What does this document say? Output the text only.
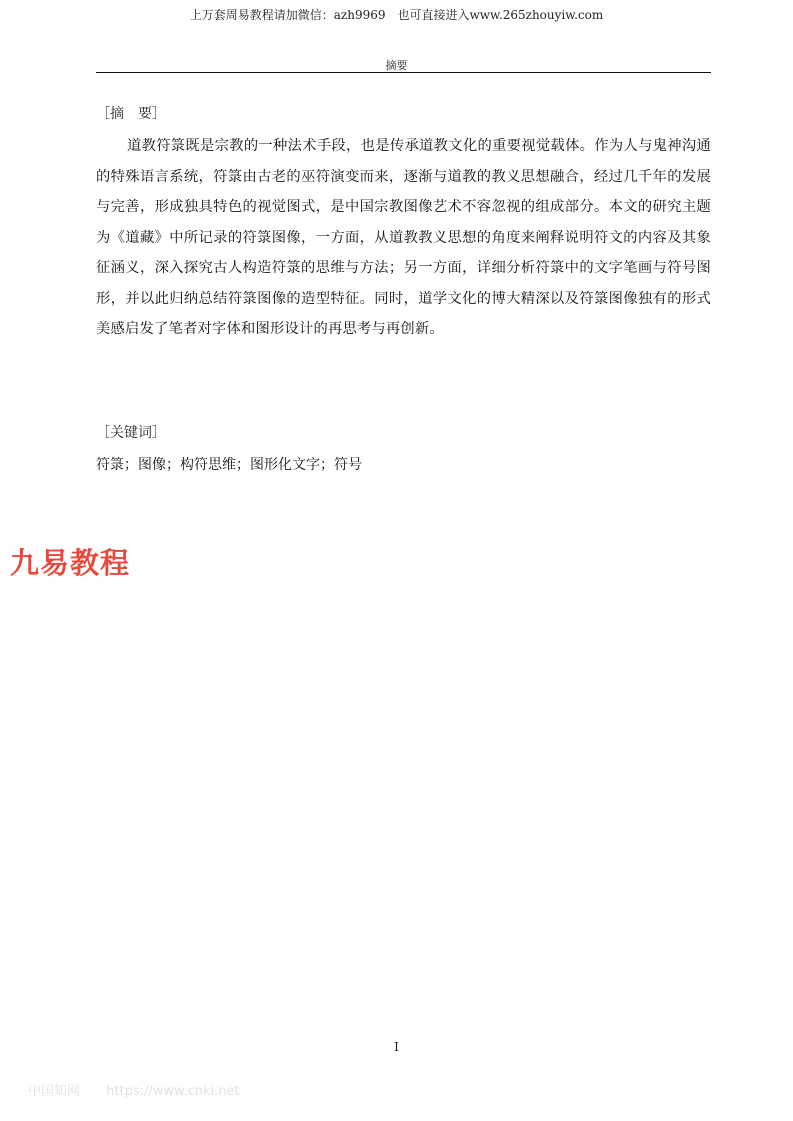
上万套周易教程请加微信：azh9969　也可直接进入www.265zhouyiw.com
摘要
［摘　要］

道教符箓既是宗教的一种法术手段，也是传承道教文化的重要视觉载体。作为人与鬼神沟通的特殊语言系统，符箓由古老的巫符演变而来，逐渐与道教的教义思想融合，经过几千年的发展与完善，形成独具特色的视觉图式，是中国宗教图像艺术不容忽视的组成部分。本文的研究主题为《道藏》中所记录的符箓图像，一方面，从道教教义思想的角度来阐释说明符文的内容及其象征涵义，深入探究古人构造符箓的思维与方法；另一方面，详细分析符箓中的文字笔画与符号图形，并以此归纳总结符箓图像的造型特征。同时，道学文化的博大精深以及符箓图像独有的形式美感启发了笔者对字体和图形设计的再思考与再创新。

［关键词］
符箓；图像；构符思维；图形化文字；符号
九易教程
I
中国知网 https://www.cnki.net
